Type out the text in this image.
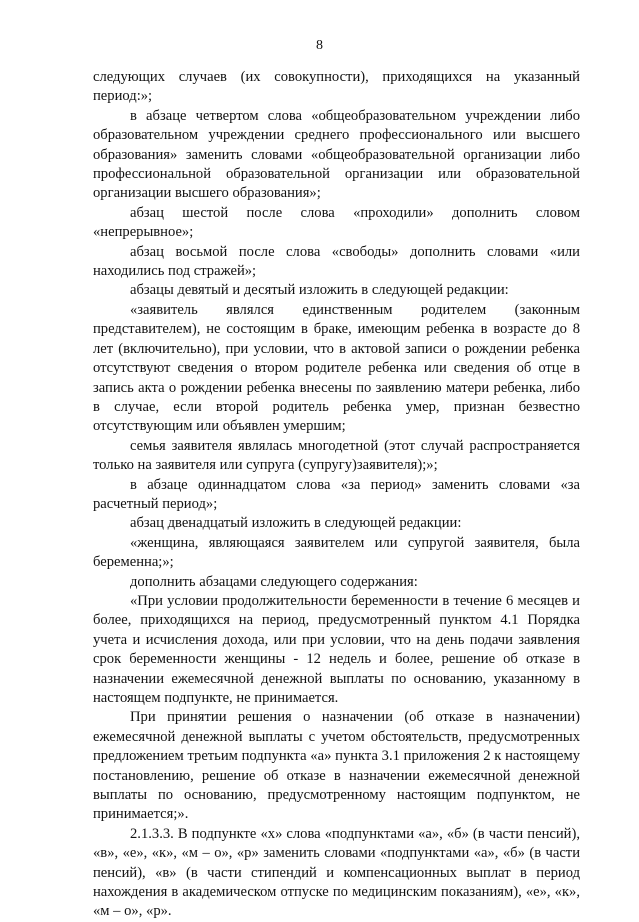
8

следующих случаев (их совокупности), приходящихся на указанный период:»;

в абзаце четвертом слова «общеобразовательном учреждении либо образовательном учреждении среднего профессионального или высшего образования» заменить словами «общеобразовательной организации либо профессиональной образовательной организации или образовательной организации высшего образования»;

абзац шестой после слова «проходили» дополнить словом «непрерывное»;

абзац восьмой после слова «свободы» дополнить словами «или находились под стражей»;

абзацы девятый и десятый изложить в следующей редакции:

«заявитель являлся единственным родителем (законным представителем), не состоящим в браке, имеющим ребенка в возрасте до 8 лет (включительно), при условии, что в актовой записи о рождении ребенка отсутствуют сведения о втором родителе ребенка или сведения об отце в запись акта о рождении ребенка внесены по заявлению матери ребенка, либо в случае, если второй родитель ребенка умер, признан безвестно отсутствующим или объявлен умершим;

семья заявителя являлась многодетной (этот случай распространяется только на заявителя или супруга (супругу)заявителя);»;

в абзаце одиннадцатом слова «за период» заменить словами «за расчетный период»;

абзац двенадцатый изложить в следующей редакции:

«женщина, являющаяся заявителем или супругой заявителя, была беременна;»;

дополнить абзацами следующего содержания:

«При условии продолжительности беременности в течение 6 месяцев и более, приходящихся на период, предусмотренный пунктом 4.1 Порядка учета и исчисления дохода, или при условии, что на день подачи заявления срок беременности женщины - 12 недель и более, решение об отказе в назначении ежемесячной денежной выплаты по основанию, указанному в настоящем подпункте, не принимается.

При принятии решения о назначении (об отказе в назначении) ежемесячной денежной выплаты с учетом обстоятельств, предусмотренных предложением третьим подпункта «а» пункта 3.1 приложения 2 к настоящему постановлению, решение об отказе в назначении ежемесячной денежной выплаты по основанию, предусмотренному настоящим подпунктом, не принимается;».

2.1.3.3. В подпункте «х» слова «подпунктами «а», «б» (в части пенсий), «в», «е», «к», «м – о», «р» заменить словами «подпунктами «а», «б» (в части пенсий), «в» (в части стипендий и компенсационных выплат в период нахождения в академическом отпуске по медицинским показаниям), «е», «к», «м – о», «р».
